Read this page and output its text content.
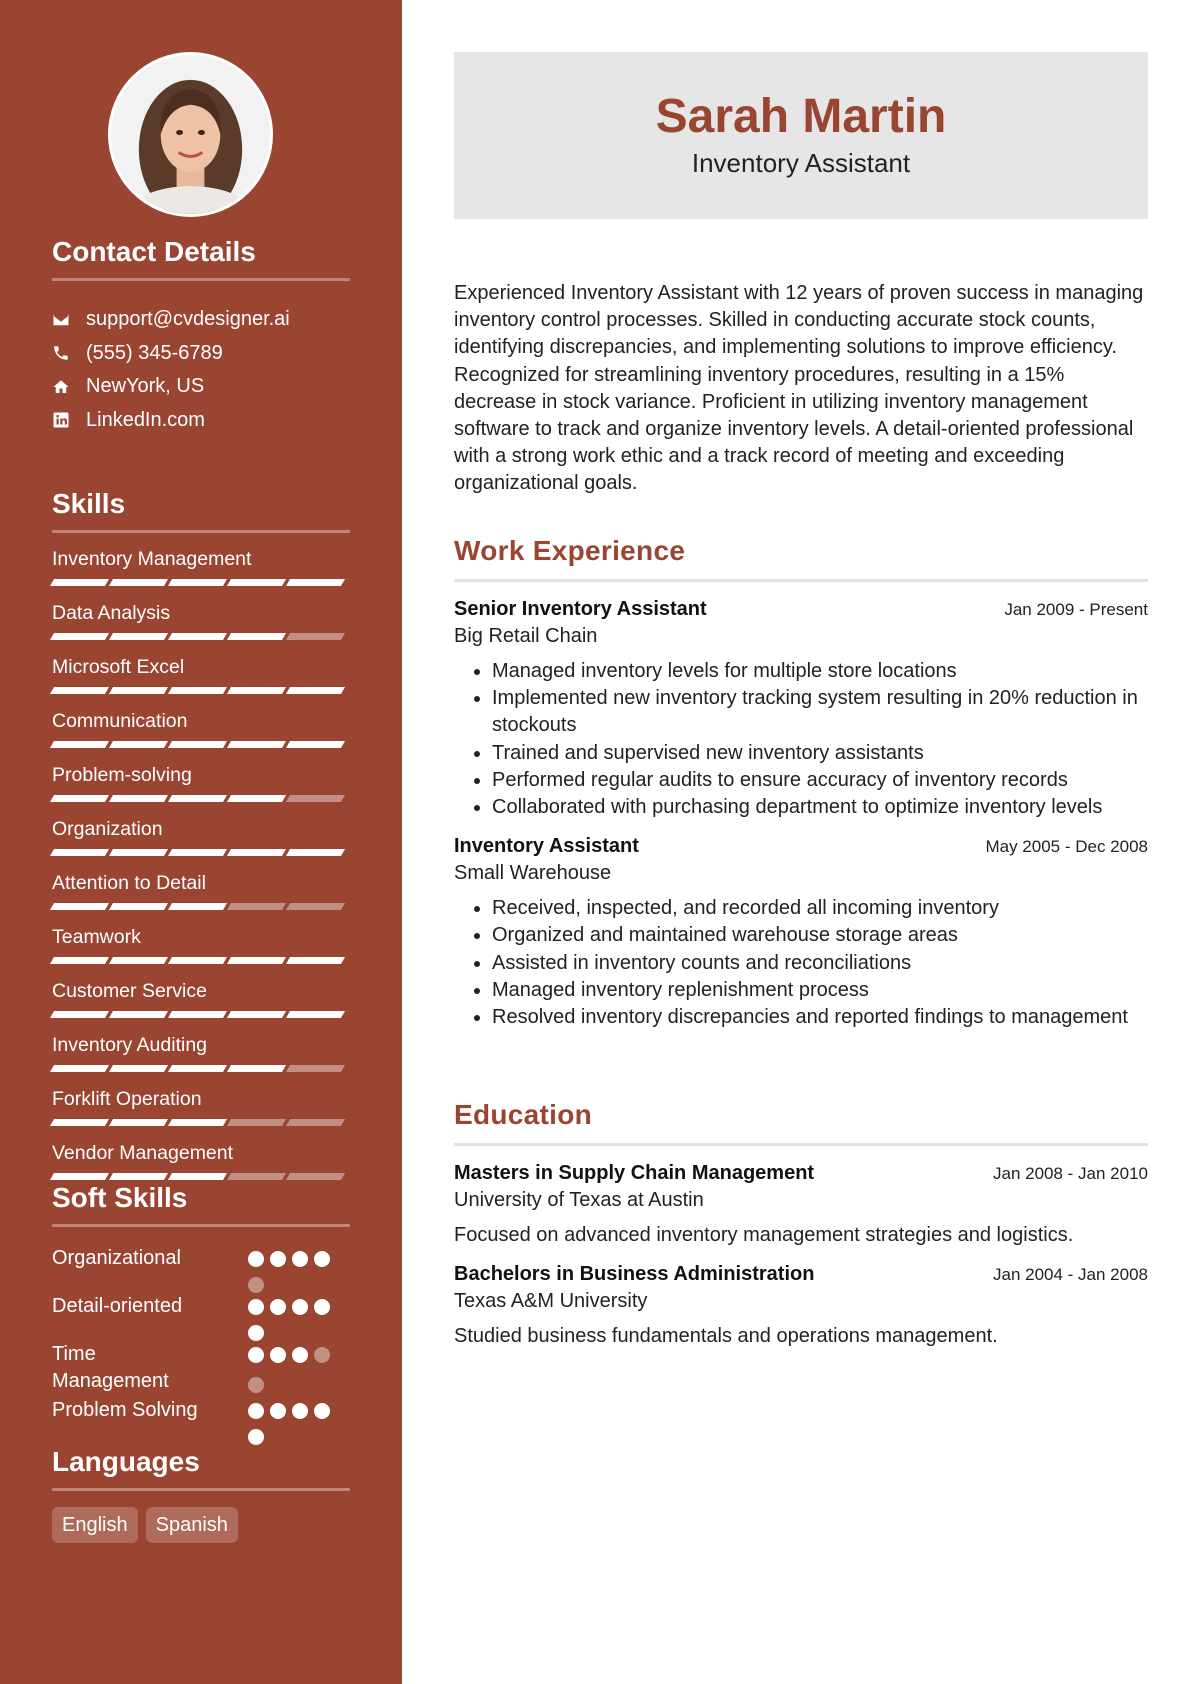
Contact Details
support@cvdesigner.ai
(555) 345-6789
NewYork, US
LinkedIn.com
Skills
Inventory Management
Data Analysis
Microsoft Excel
Communication
Problem-solving
Organization
Attention to Detail
Teamwork
Customer Service
Inventory Auditing
Forklift Operation
Vendor Management
Soft Skills
Organizational
Detail-oriented
Time Management
Problem Solving
Languages
English	Spanish
Sarah Martin
Inventory Assistant

Experienced Inventory Assistant with 12 years of proven success in managing inventory control processes. Skilled in conducting accurate stock counts, identifying discrepancies, and implementing solutions to improve efficiency. Recognized for streamlining inventory procedures, resulting in a 15% decrease in stock variance. Proficient in utilizing inventory management software to track and organize inventory levels. A detail-oriented professional with a strong work ethic and a track record of meeting and exceeding organizational goals.

Work Experience
Senior Inventory Assistant	Jan 2009 - Present
Big Retail Chain
• Managed inventory levels for multiple store locations
• Implemented new inventory tracking system resulting in 20% reduction in stockouts
• Trained and supervised new inventory assistants
• Performed regular audits to ensure accuracy of inventory records
• Collaborated with purchasing department to optimize inventory levels
Inventory Assistant	May 2005 - Dec 2008
Small Warehouse
• Received, inspected, and recorded all incoming inventory
• Organized and maintained warehouse storage areas
• Assisted in inventory counts and reconciliations
• Managed inventory replenishment process
• Resolved inventory discrepancies and reported findings to management
Education
Masters in Supply Chain Management	Jan 2008 - Jan 2010
University of Texas at Austin

Focused on advanced inventory management strategies and logistics.

Bachelors in Business Administration	Jan 2004 - Jan 2008
Texas A&M University

Studied business fundamentals and operations management.
